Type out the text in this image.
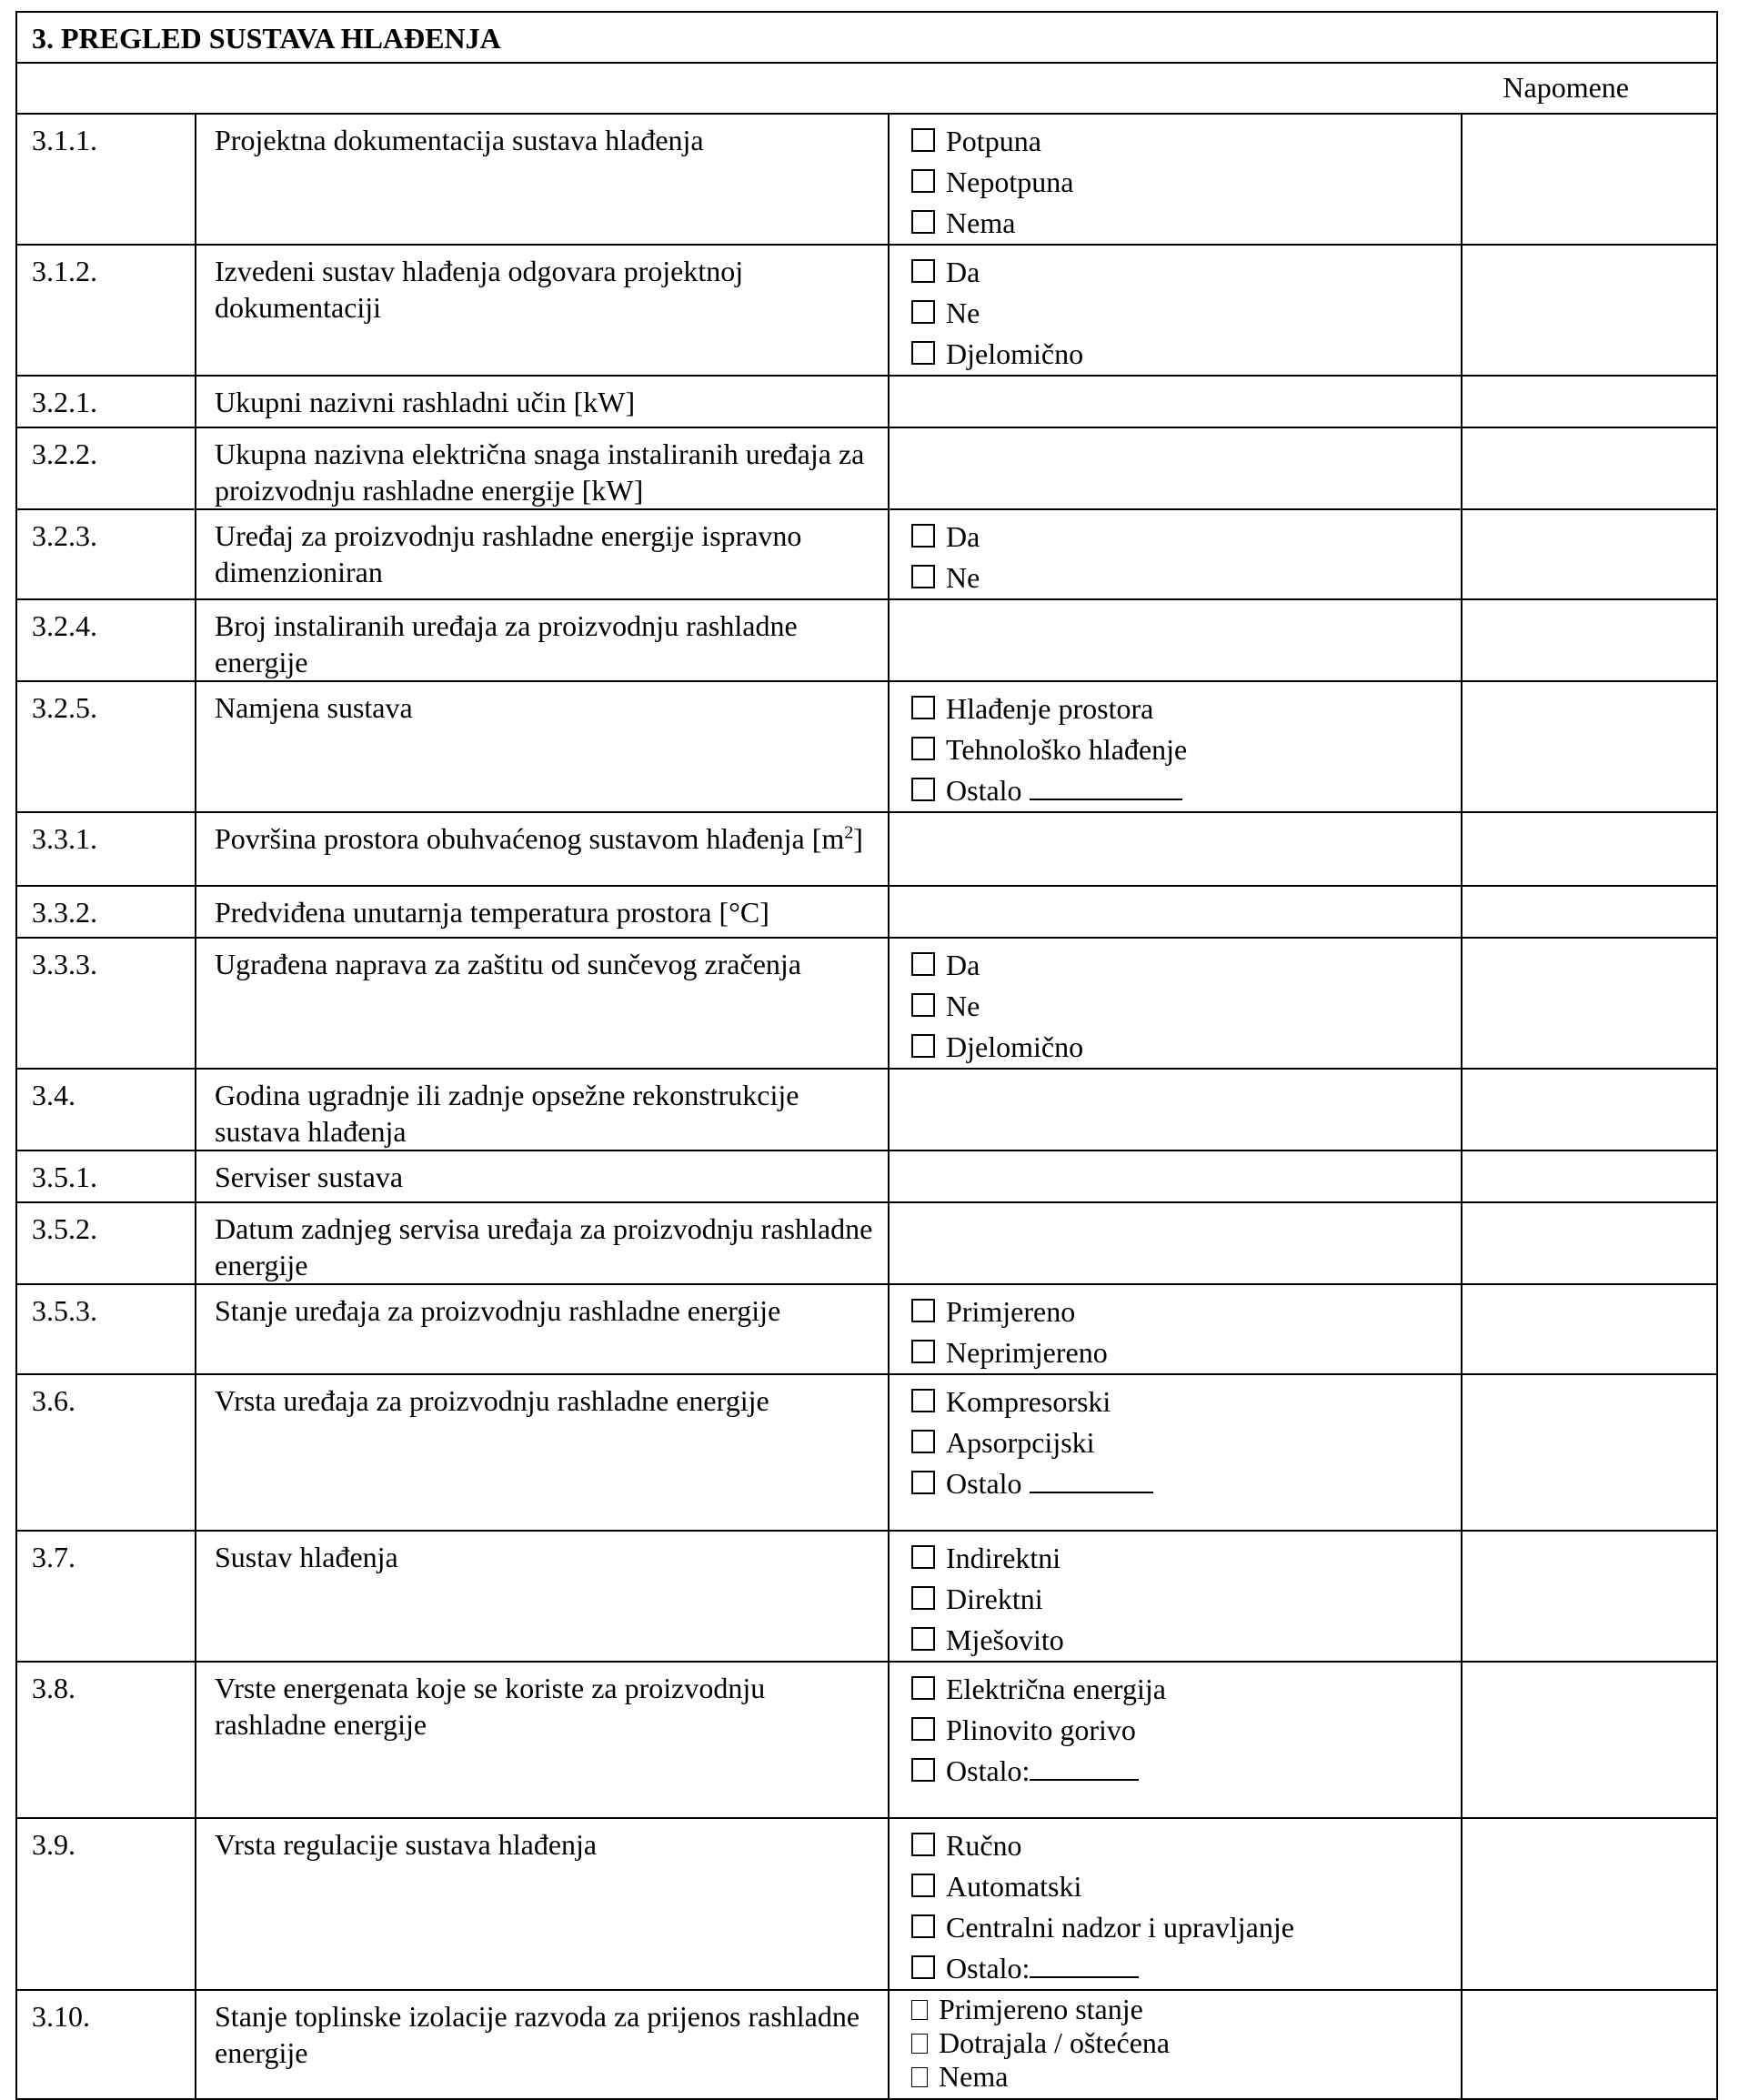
3. PREGLED SUSTAVA HLAĐENJA			
Napomene			
3.1.1.	Projektna dokumentacija sustava hlađenja	Potpuna
Nepotpuna
Nema	

3.1.2.	Izvedeni sustav hlađenja odgovara projektnoj dokumentaciji	Da
Ne
Djelomično	

3.2.1.	Ukupni nazivni rashladni učin [kW]		
3.2.2.	Ukupna nazivna električna snaga instaliranih uređaja za proizvodnju rashladne energije [kW]		
3.2.3.	Uređaj za proizvodnju rashladne energije ispravno dimenzioniran	Da
Ne	

3.2.4.	Broj instaliranih uređaja za proizvodnju rashladne energije		
3.2.5.	Namjena sustava	Hlađenje prostora
Tehnološko hlađenje
Ostalo	

3.3.1.	Površina prostora obuhvaćenog sustavom hlađenja $[m^2]$		
3.3.2.	Predviđena unutarnja temperatura prostora [°C]		
3.3.3.	Ugrađena naprava za zaštitu od sunčevog zračenja	Da
Ne
Djelomično	

3.4.	Godina ugradnje ili zadnje opsežne rekonstrukcije sustava hlađenja		
3.5.1.	Serviser sustava		
3.5.2.	Datum zadnjeg servisa uređaja za proizvodnju rashladne energije		
3.5.3.	Stanje uređaja za proizvodnju rashladne energije	Primjereno
Neprimjereno	

3.6.	Vrsta uređaja za proizvodnju rashladne energije	Kompresorski
Apsorpcijski
Ostalo	

3.7.	Sustav hlađenja	Indirektni
Direktni
Mješovito	

3.8.	Vrste energenata koje se koriste za proizvodnju rashladne energije	Električna energija
Plinovito gorivo
Ostalo:	

3.9.	Vrsta regulacije sustava hlađenja	Ručno
Automatski
Centralni nadzor i upravljanje
Ostalo:	

3.10.	Stanje toplinske izolacije razvoda za prijenos rashladne energije	Primjereno stanje
Dotrajala / oštećena
Nema	
